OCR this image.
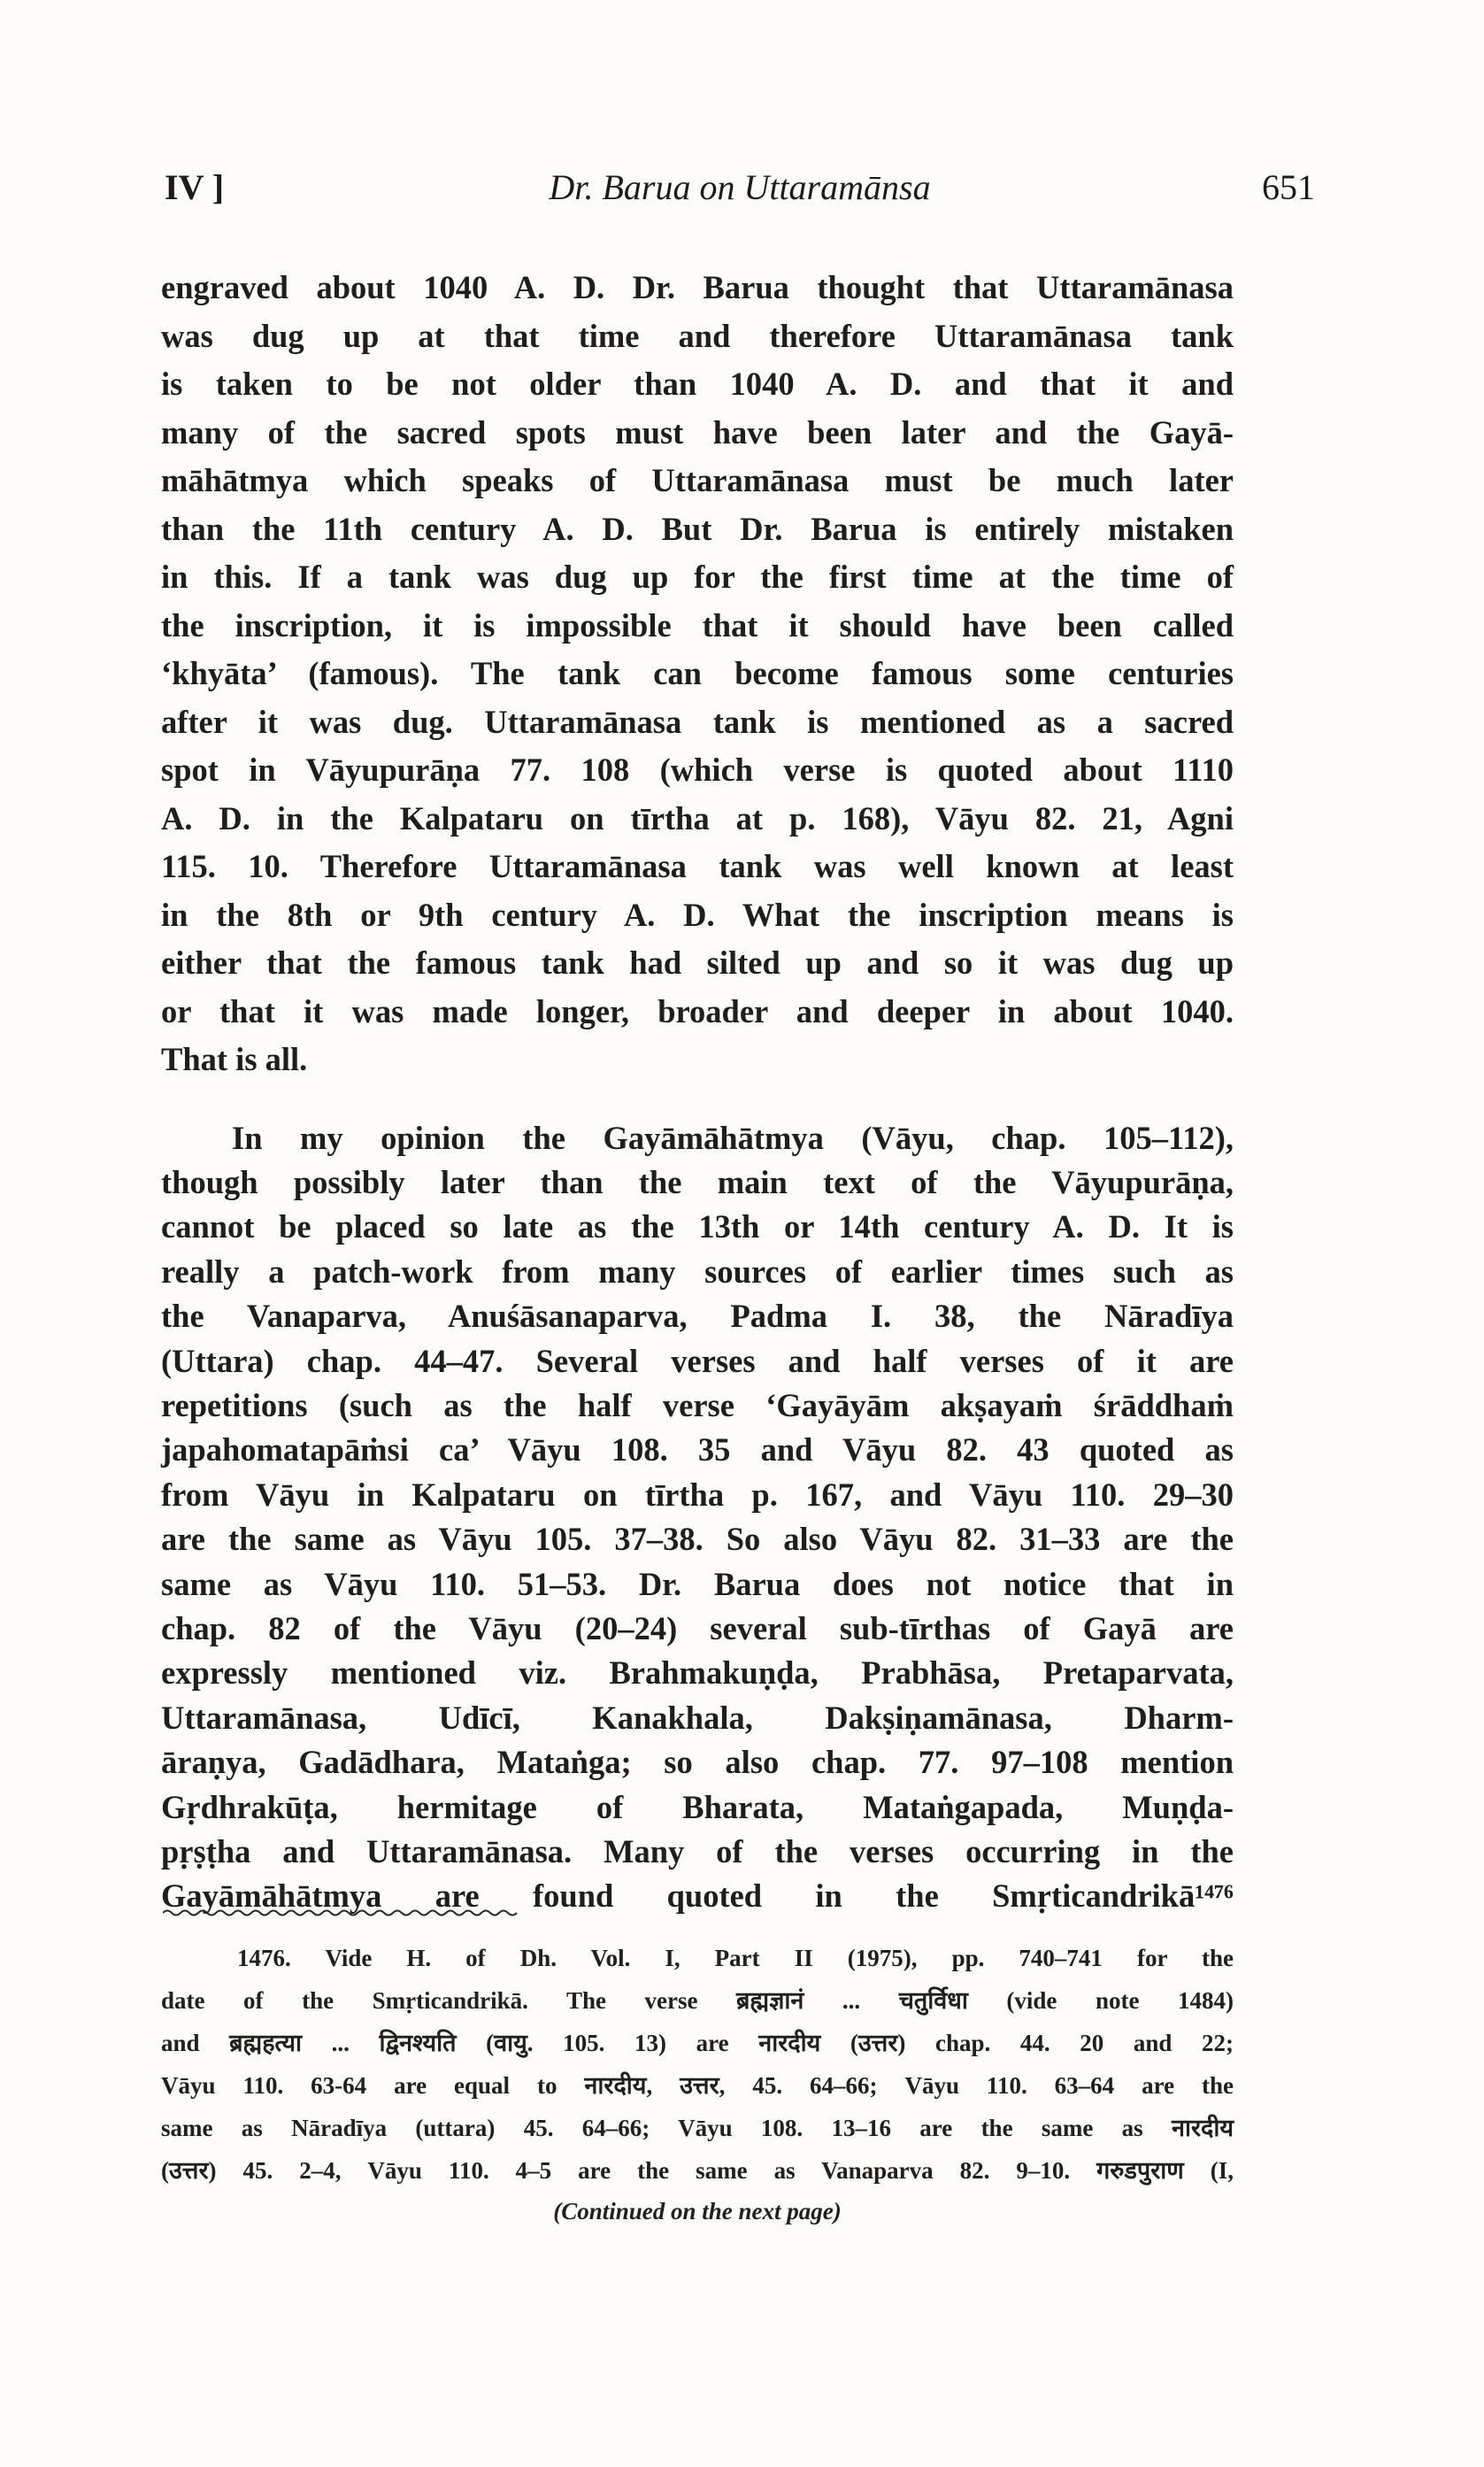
IV ]	Dr. Barua on Uttaramānsa	651

engraved about 1040 A. D. Dr. Barua thought that Uttaramānasa
was dug up at that time and therefore Uttaramānasa tank
is taken to be not older than 1040 A. D. and that it and
many of the sacred spots must have been later and the Gayā-
māhātmya which speaks of Uttaramānasa must be much later
than the 11th century A. D. But Dr. Barua is entirely mistaken
in this. If a tank was dug up for the first time at the time of
the inscription, it is impossible that it should have been called
‘khyāta’ (famous). The tank can become famous some centuries
after it was dug. Uttaramānasa tank is mentioned as a sacred
spot in Vāyupurāṇa 77. 108 (which verse is quoted about 1110
A. D. in the Kalpataru on tīrtha at p. 168), Vāyu 82. 21, Agni
115. 10. Therefore Uttaramānasa tank was well known at least
in the 8th or 9th century A. D. What the inscription means is
either that the famous tank had silted up and so it was dug up
or that it was made longer, broader and deeper in about 1040.
That is all.

In my opinion the Gayāmāhātmya (Vāyu, chap. 105–112),
though possibly later than the main text of the Vāyupurāṇa,
cannot be placed so late as the 13th or 14th century A. D. It is
really a patch-work from many sources of earlier times such as
the Vanaparva, Anuśāsanaparva, Padma I. 38, the Nāradīya
(Uttara) chap. 44–47. Several verses and half verses of it are
repetitions (such as the half verse ‘Gayāyām akṣayaṁ śrāddhaṁ
japahomatapāṁsi ca’ Vāyu 108. 35 and Vāyu 82. 43 quoted as
from Vāyu in Kalpataru on tīrtha p. 167, and Vāyu 110. 29–30
are the same as Vāyu 105. 37–38. So also Vāyu 82. 31–33 are the
same as Vāyu 110. 51–53. Dr. Barua does not notice that in
chap. 82 of the Vāyu (20–24) several sub-tīrthas of Gayā are
expressly mentioned viz. Brahmakuṇḍa, Prabhāsa, Pretaparvata,
Uttaramānasa, Udīcī, Kanakhala, Dakṣiṇamānasa, Dharm-
āraṇya, Gadādhara, Mataṅga; so also chap. 77. 97–108 mention
Gṛdhrakūṭa, hermitage of Bharata, Mataṅgapada, Muṇḍa-
pṛṣṭha and Uttaramānasa. Many of the verses occurring in the
Gayāmāhātmya are found quoted in the Smṛticandrikā¹⁴⁷⁶

1476. Vide H. of Dh. Vol. I, Part II (1975), pp. 740–741 for the
date of the Smṛticandrikā. The verse ब्रह्मज्ञानं ... चतुर्विधा (vide note 1484)
and ब्रह्महत्या ... द्विनश्यति (वायु. 105. 13) are नारदीय (उत्तर) chap. 44. 20 and 22;
Vāyu 110. 63-64 are equal to नारदीय, उत्तर, 45. 64–66; Vāyu 110. 63–64 are the
same as Nāradīya (uttara) 45. 64–66; Vāyu 108. 13–16 are the same as नारदीय
(उत्तर) 45. 2–4, Vāyu 110. 4–5 are the same as Vanaparva 82. 9–10. गरुडपुराण (I,
(Continued on the next page)
